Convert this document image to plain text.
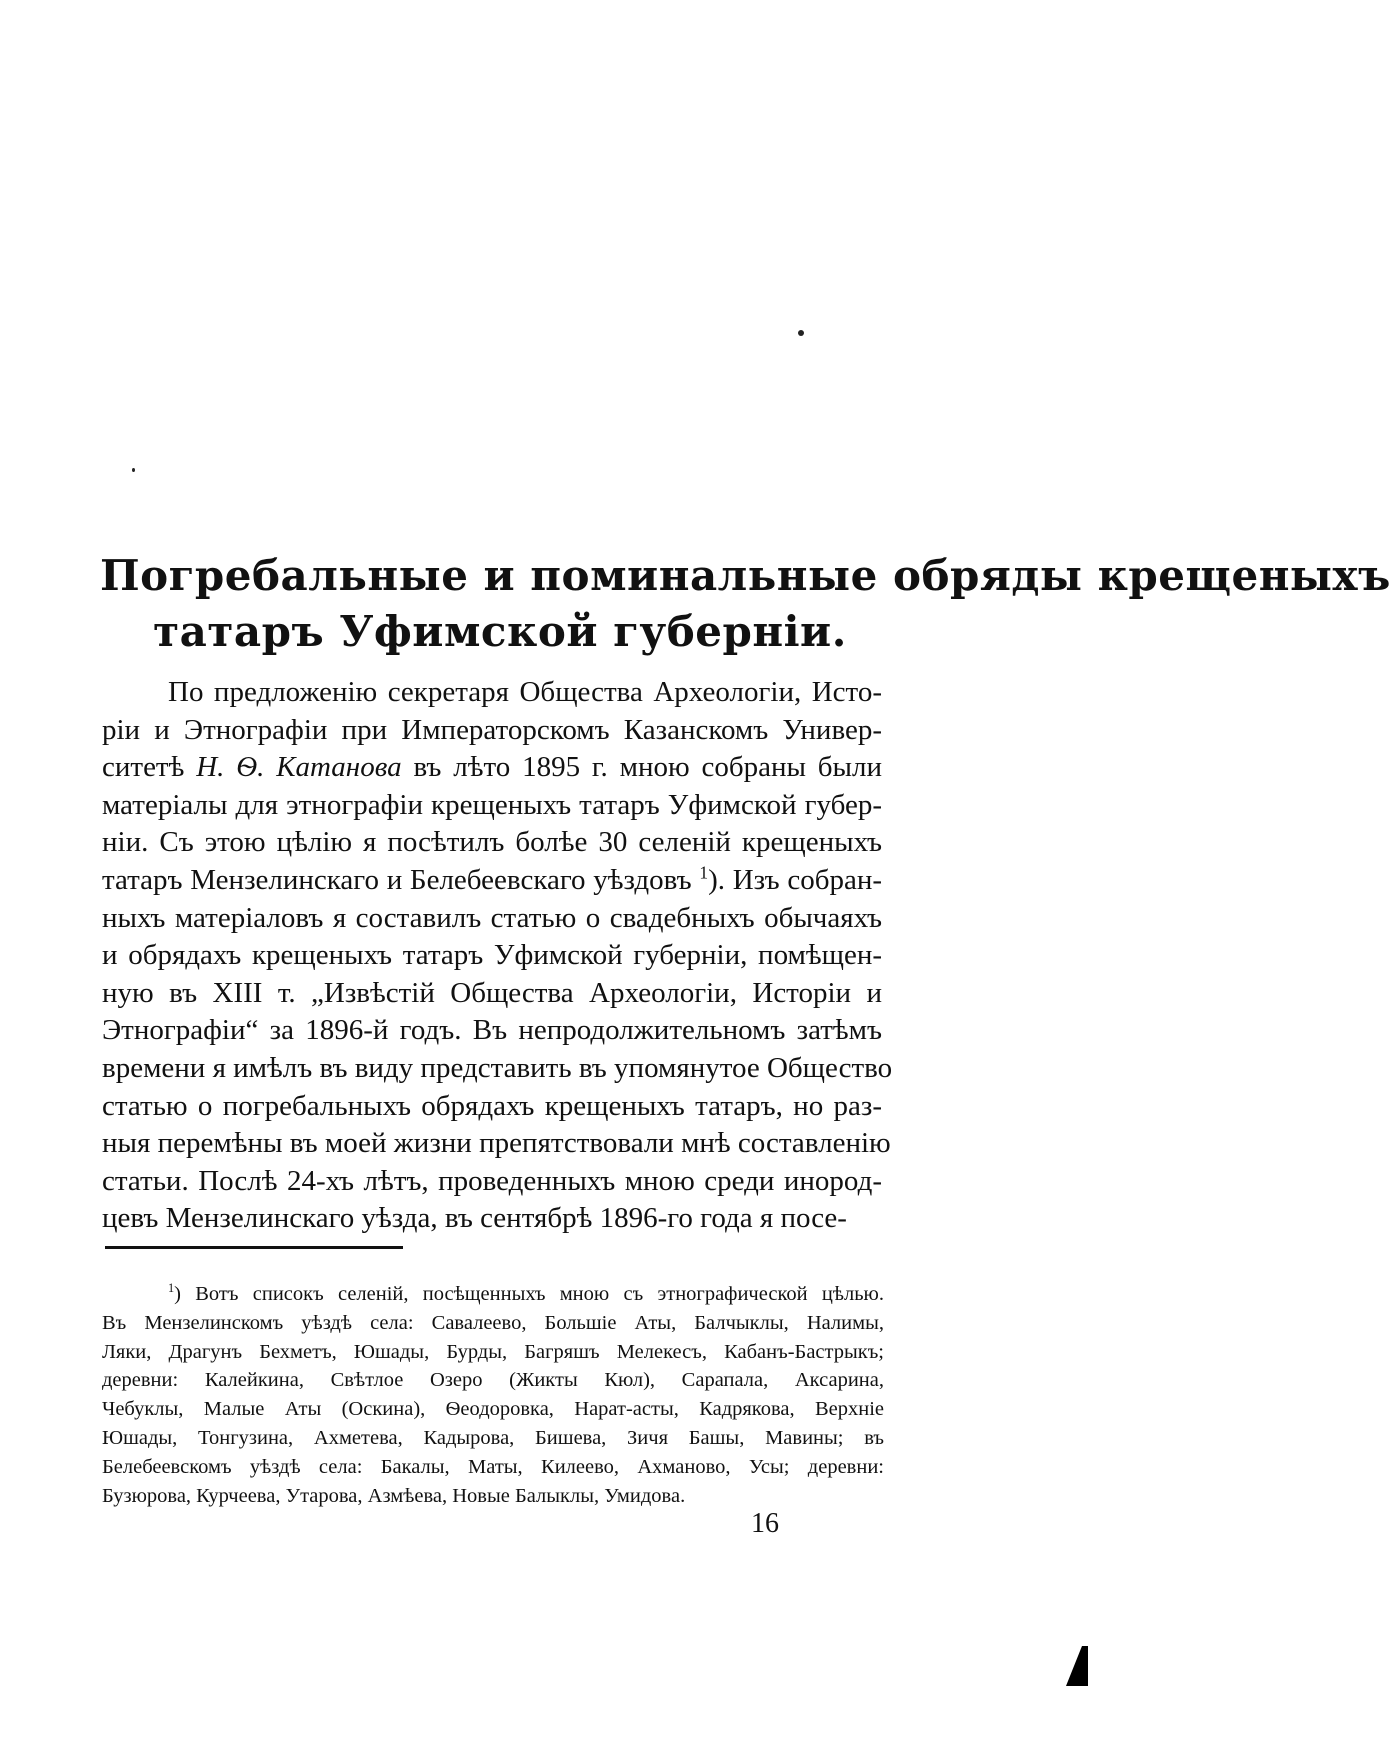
Погребальные и поминальные обряды крещеныхъ
татаръ Уфимской губерніи.
По предложенію секретаря Общества Археологіи, Исто-
ріи и Этнографіи при Императорскомъ Казанскомъ Универ-
ситетѣ Н. Ѳ. Катанова въ лѣто 1895 г. мною собраны были
матеріалы для этнографіи крещеныхъ татаръ Уфимской губер-
ніи. Съ этою цѣлію я посѣтилъ болѣе 30 селеній крещеныхъ
татаръ Мензелинскаго и Белебеевскаго уѣздовъ $^1$). Изъ собран-
ныхъ матеріаловъ я составилъ статью о свадебныхъ обычаяхъ
и обрядахъ крещеныхъ татаръ Уфимской губерніи, помѣщен-
ную въ XIII т. „Извѣстій Общества Археологіи, Исторіи и
Этнографіи“ за 1896-й годъ. Въ непродолжительномъ затѣмъ
времени я имѣлъ въ виду представить въ упомянутое Общество
статью о погребальныхъ обрядахъ крещеныхъ татаръ, но раз-
ныя перемѣны въ моей жизни препятствовали мнѣ составленію
статьи. Послѣ 24-хъ лѣтъ, проведенныхъ мною среди инород-
цевъ Мензелинскаго уѣзда, въ сентябрѣ 1896-го года я посе-
$^1$) Вотъ списокъ селеній, посѣщенныхъ мною съ этнографической цѣлью.
Въ Мензелинскомъ уѣздѣ села: Савалеево, Большіе Аты, Балчыклы, Налимы,
Ляки, Драгунъ Бехметъ, Юшады, Бурды, Багряшъ Мелекесъ, Кабанъ-Бастрыкъ;
деревни: Калейкина, Свѣтлое Озеро (Жикты Кюл), Сарапала, Аксарина,
Чебуклы, Малые Аты (Оскина), Ѳеодоровка, Нарат-асты, Кадрякова, Верхніе
Юшады, Тонгузина, Ахметева, Кадырова, Бишева, Зичя Башы, Мавины; въ
Белебеевскомъ уѣздѣ села: Бакалы, Маты, Килеево, Ахманово, Усы; деревни:
Бузюрова, Курчеева, Утарова, Азмѣева, Новые Балыклы, Умидова.
16
